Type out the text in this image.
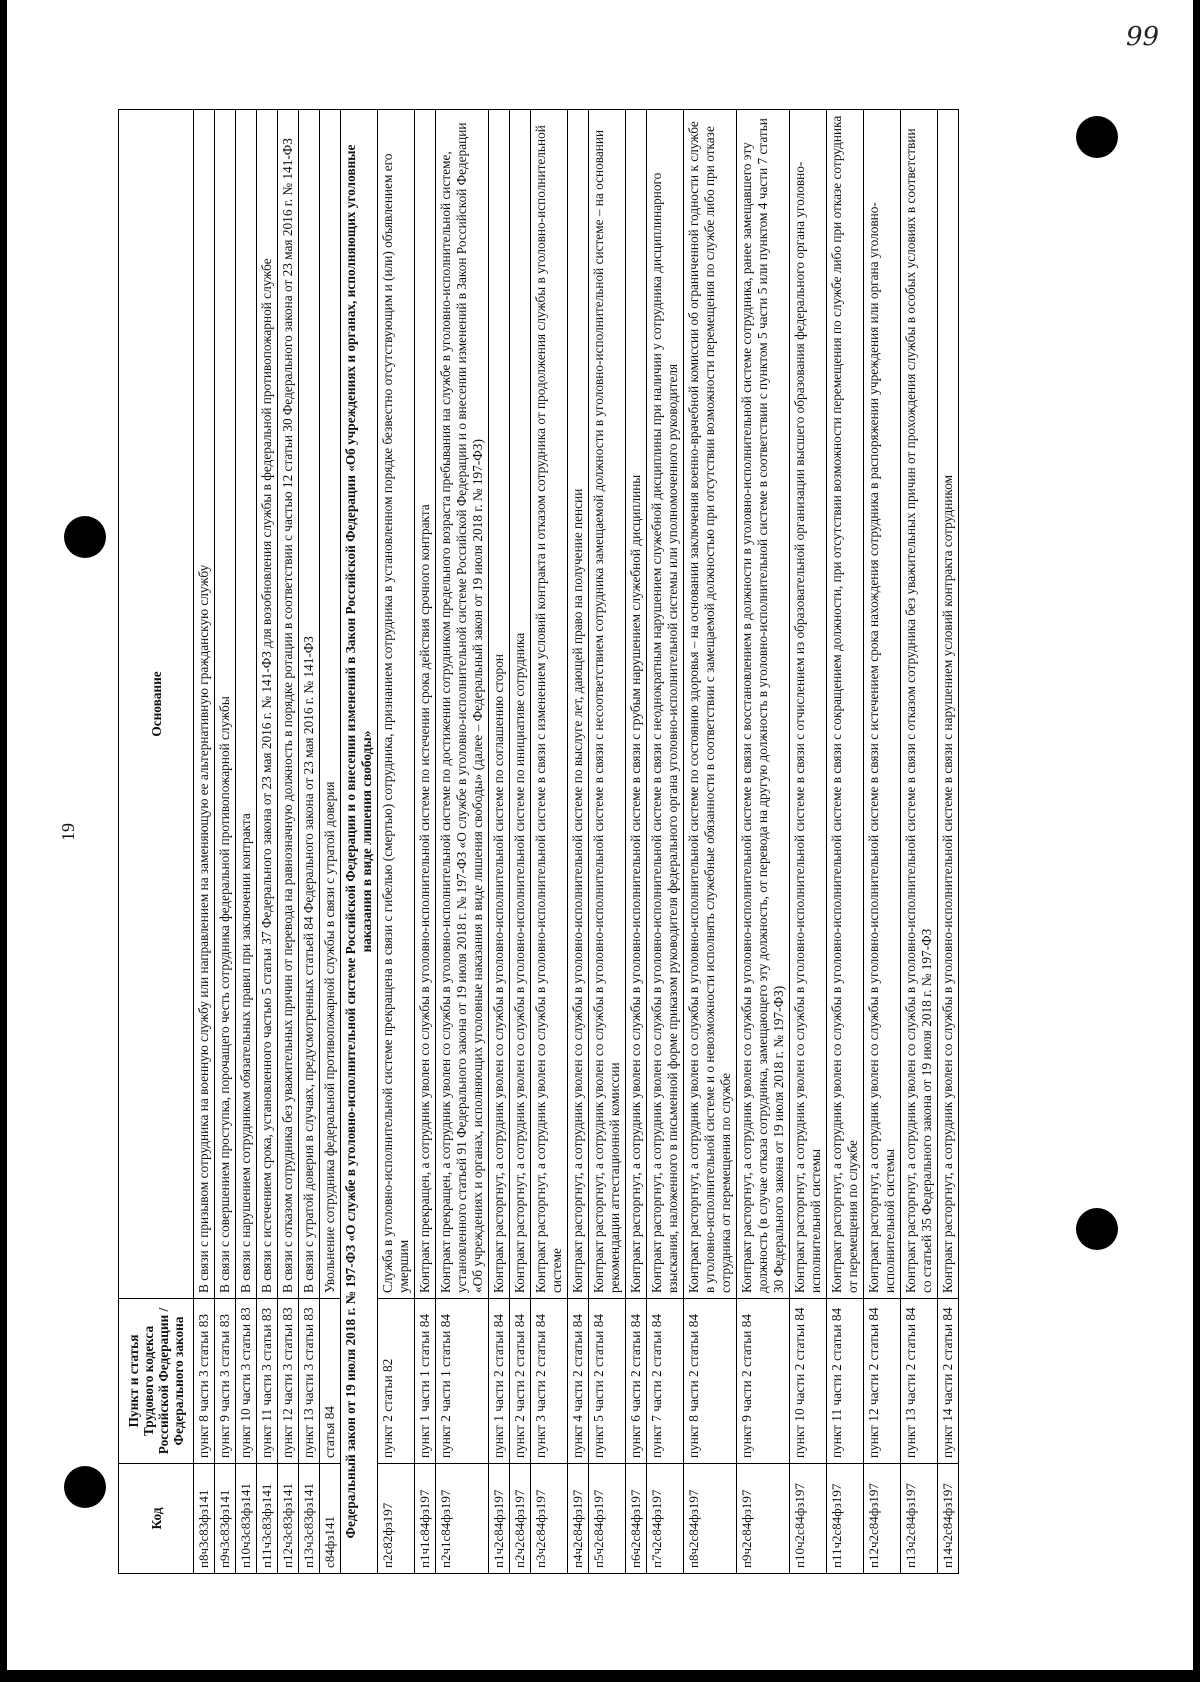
99
19
Код	Пункт и статья Трудового кодекса Российской Федерации / Федерального закона	Основание
п8ч3с83фз141	пункт 8 части 3 статьи 83	В связи с призывом сотрудника на военную службу или направлением на заменяющую ее альтернативную гражданскую службу
п9ч3с83фз141	пункт 9 части 3 статьи 83	В связи с совершением проступка, порочащего честь сотрудника федеральной противопожарной службы
п10ч3с83фз141	пункт 10 части 3 статьи 83	В связи с нарушением сотрудником обязательных правил при заключении контракта
п11ч3с83фз141	пункт 11 части 3 статьи 83	В связи с истечением срока, установленного частью 5 статьи 37 Федерального закона от 23 мая 2016 г. № 141-ФЗ для возобновления службы в федеральной противопожарной службе
п12ч3с83фз141	пункт 12 части 3 статьи 83	В связи с отказом сотрудника без уважительных причин от перевода на равнозначную должность в порядке ротации в соответствии с частью 12 статьи 30 Федерального закона от 23 мая 2016 г. № 141-ФЗ
п13ч3с83фз141	пункт 13 части 3 статьи 83	В связи с утратой доверия в случаях, предусмотренных статьей 84 Федерального закона от 23 мая 2016 г. № 141-ФЗ
с84фз141	статья 84	Увольнение сотрудника федеральной противопожарной службы в связи с утратой доверия
Федеральный закон от 19 июля 2018 г. № 197-ФЗ «О службе в уголовно-исполнительной системе Российской Федерации и о внесении изменений в Закон Российской Федерации «Об учреждениях и органах, исполняющих уголовные наказания в виде лишения свободы»		
п2с82фз197	пункт 2 статьи 82	Служба в уголовно-исполнительной системе прекращена в связи с гибелью (смертью) сотрудника, признанием сотрудника в установленном порядке безвестно отсутствующим и (или) объявлением его умершим
п1ч1с84фз197	пункт 1 части 1 статьи 84	Контракт прекращен, а сотрудник уволен со службы в уголовно-исполнительной системе по истечении срока действия срочного контракта
п2ч1с84фз197	пункт 2 части 1 статьи 84	Контракт прекращен, а сотрудник уволен со службы в уголовно-исполнительной системе по достижении сотрудником предельного возраста пребывания на службе в уголовно-исполнительной системе, установленного статьей 91 Федерального закона от 19 июля 2018 г. № 197-ФЗ «О службе в уголовно-исполнительной системе Российской Федерации и о внесении изменений в Закон Российской Федерации «Об учреждениях и органах, исполняющих уголовные наказания в виде лишения свободы» (далее – Федеральный закон от 19 июля 2018 г. № 197-ФЗ)
п1ч2с84фз197	пункт 1 части 2 статьи 84	Контракт расторгнут, а сотрудник уволен со службы в уголовно-исполнительной системе по соглашению сторон
п2ч2с84фз197	пункт 2 части 2 статьи 84	Контракт расторгнут, а сотрудник уволен со службы в уголовно-исполнительной системе по инициативе сотрудника
п3ч2с84фз197	пункт 3 части 2 статьи 84	Контракт расторгнут, а сотрудник уволен со службы в уголовно-исполнительной системе в связи с изменением условий контракта и отказом сотрудника от продолжения службы в уголовно-исполнительной системе
п4ч2с84фз197	пункт 4 части 2 статьи 84	Контракт расторгнут, а сотрудник уволен со службы в уголовно-исполнительной системе по выслуге лет, дающей право на получение пенсии
п5ч2с84фз197	пункт 5 части 2 статьи 84	Контракт расторгнут, а сотрудник уволен со службы в уголовно-исполнительной системе в связи с несоответствием сотрудника замещаемой должности в уголовно-исполнительной системе – на основании рекомендации аттестационной комиссии
п6ч2с84фз197	пункт 6 части 2 статьи 84	Контракт расторгнут, а сотрудник уволен со службы в уголовно-исполнительной системе в связи с грубым нарушением служебной дисциплины
п7ч2с84фз197	пункт 7 части 2 статьи 84	Контракт расторгнут, а сотрудник уволен со службы в уголовно-исполнительной системе в связи с неоднократным нарушением служебной дисциплины при наличии у сотрудника дисциплинарного взыскания, наложенного в письменной форме приказом руководителя федерального органа уголовно-исполнительной системы или уполномоченного руководителя
п8ч2с84фз197	пункт 8 части 2 статьи 84	Контракт расторгнут, а сотрудник уволен со службы в уголовно-исполнительной системе по состоянию здоровья – на основании заключения военно-врачебной комиссии об ограниченной годности к службе в уголовно-исполнительной системе и о невозможности исполнять служебные обязанности в соответствии с замещаемой должностью при отсутствии возможности перемещения по службе либо при отказе сотрудника от перемещения по службе
п9ч2с84фз197	пункт 9 части 2 статьи 84	Контракт расторгнут, а сотрудник уволен со службы в уголовно-исполнительной системе в связи с восстановлением в должности в уголовно-исполнительной системе сотрудника, ранее замещавшего эту должность (в случае отказа сотрудника, замещающего эту должность, от перевода на другую должность в уголовно-исполнительной системе в соответствии с пунктом 5 части 5 или пунктом 4 части 7 статьи 30 Федерального закона от 19 июля 2018 г. № 197-ФЗ)
п10ч2с84фз197	пункт 10 части 2 статьи 84	Контракт расторгнут, а сотрудник уволен со службы в уголовно-исполнительной системе в связи с отчислением из образовательной организации высшего образования федерального органа уголовно-исполнительной системы
п11ч2с84фз197	пункт 11 части 2 статьи 84	Контракт расторгнут, а сотрудник уволен со службы в уголовно-исполнительной системе в связи с сокращением должности, при отсутствии возможности перемещения по службе либо при отказе сотрудника от перемещения по службе
п12ч2с84фз197	пункт 12 части 2 статьи 84	Контракт расторгнут, а сотрудник уволен со службы в уголовно-исполнительной системе в связи с истечением срока нахождения сотрудника в распоряжении учреждения или органа уголовно-исполнительной системы
п13ч2с84фз197	пункт 13 части 2 статьи 84	Контракт расторгнут, а сотрудник уволен со службы в уголовно-исполнительной системе в связи с отказом сотрудника без уважительных причин от прохождения службы в особых условиях в соответствии со статьей 35 Федерального закона от 19 июля 2018 г. № 197-ФЗ
п14ч2с84фз197	пункт 14 части 2 статьи 84	Контракт расторгнут, а сотрудник уволен со службы в уголовно-исполнительной системе в связи с нарушением условий контракта сотрудником
